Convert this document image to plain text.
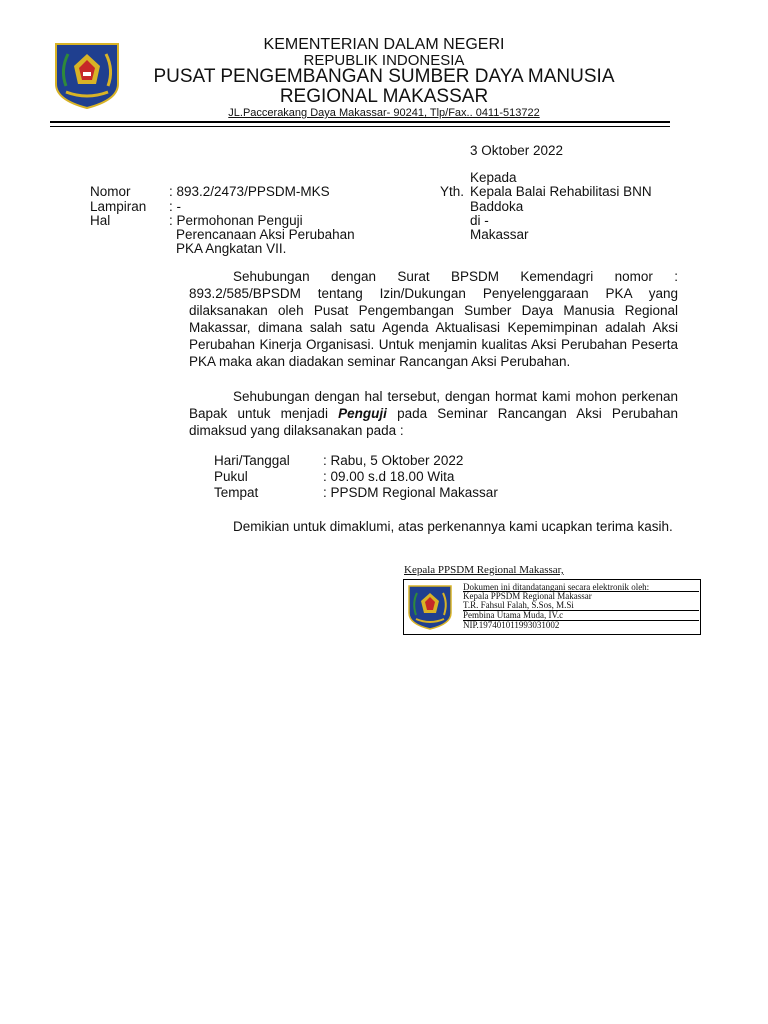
KEMENTERIAN DALAM NEGERI
REPUBLIK INDONESIA
PUSAT PENGEMBANGAN SUMBER DAYA MANUSIA
REGIONAL MAKASSAR
JL.Paccerakang Daya Makassar- 90241, Tlp/Fax.. 0411-513722
3 Oktober 2022
Kepada
Yth. Kepala Balai Rehabilitasi BNN
Baddoka
di -
Makassar
Nomor	: 893.2/2473/PPSDM-MKS
Lampiran : -
Hal	: Permohonan Penguji
Perencanaan Aksi Perubahan
PKA Angkatan VII.
Sehubungan dengan Surat BPSDM Kemendagri nomor : 893.2/585/BPSDM tentang Izin/Dukungan Penyelenggaraan PKA yang dilaksanakan oleh Pusat Pengembangan Sumber Daya Manusia Regional Makassar, dimana salah satu Agenda Aktualisasi Kepemimpinan adalah Aksi Perubahan Kinerja Organisasi. Untuk menjamin kualitas Aksi Perubahan Peserta PKA maka akan diadakan seminar Rancangan Aksi Perubahan.
Sehubungan dengan hal tersebut, dengan hormat kami mohon perkenan Bapak untuk menjadi Penguji pada Seminar Rancangan Aksi Perubahan dimaksud yang dilaksanakan pada :
Hari/Tanggal : Rabu, 5 Oktober 2022
Pukul	: 09.00 s.d 18.00 Wita
Tempat	: PPSDM Regional Makassar
Demikian untuk dimaklumi, atas perkenannya kami ucapkan terima kasih.
Kepala PPSDM Regional Makassar,
Dokumen ini ditandatangani secara elektronik oleh:
Kepala PPSDM Regional Makassar
T.R. Fahsul Falah, S.Sos, M.Si
Pembina Utama Muda, IV.c
NIP.197401011993031002
